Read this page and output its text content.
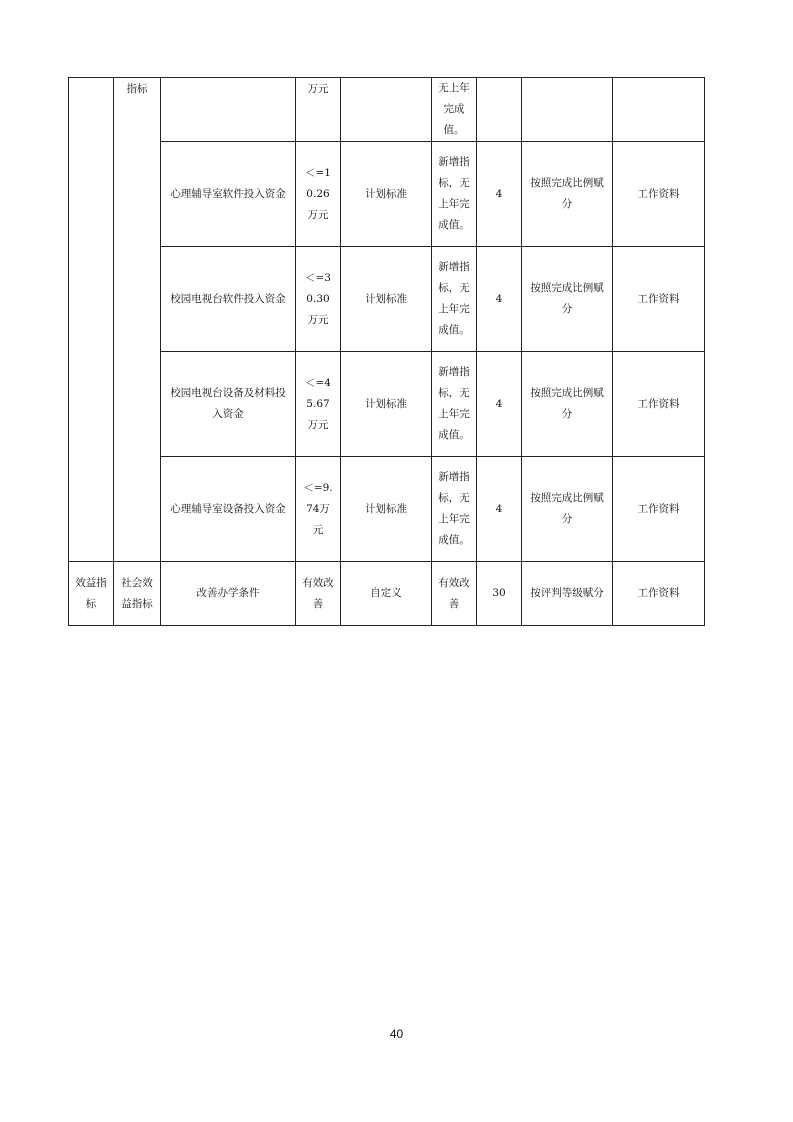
	指标		万元		无上年完成值。			
		心理辅导室软件投入资金	＜=10.26万元	计划标准	新增指标，无上年完成值。	4	按照完成比例赋分	工作资料
		校园电视台软件投入资金	＜=30.30万元	计划标准	新增指标，无上年完成值。	4	按照完成比例赋分	工作资料
		校园电视台设备及材料投入资金	＜=45.67万元	计划标准	新增指标，无上年完成值。	4	按照完成比例赋分	工作资料
		心理辅导室设备投入资金	＜=9.74万元	计划标准	新增指标，无上年完成值。	4	按照完成比例赋分	工作资料
效益指标	社会效益指标	改善办学条件	有效改善	自定义	有效改善	30	按评判等级赋分	工作资料
40
